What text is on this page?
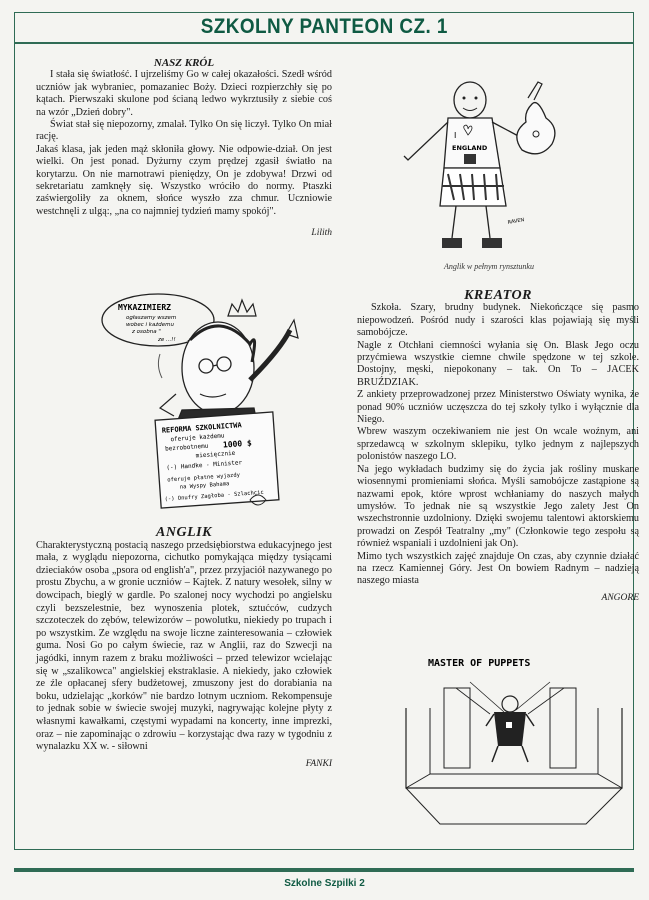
SZKOLNY PANTEON CZ. 1

NASZ KRÓL

I stała się światłość. I ujrzeliśmy Go w całej okazałości. Szedł wśród uczniów jak wybraniec, pomazaniec Boży. Dzieci rozpierzchły się po kątach. Pierwszaki skulone pod ścianą ledwo wykrztusiły z siebie coś na wzór „Dzień dobry".

Świat stał się niepozorny, zmalał. Tylko On się liczył. Tylko On miał rację.

Jakaś klasa, jak jeden mąż skłoniła głowy. Nie odpowie-dział. On jest wielki. On jest ponad. Dyżurny czym prędzej zgasił światło na korytarzu. On nie marnotrawi pieniędzy, On je zdobywa! Drzwi od sekretariatu zamknęły się. Wszystko wróciło do normy. Ptaszki zaświergoliły za oknem, słońce wyszło zza chmur. Uczniowie westchnęli z ulgą:, „na co najmniej tydzień mamy spokój".

Lilith

MYKAZIMIERZ
ogłaszamy wszem
wobec i każdemu
z osobna "
ze ...!!
REFORMA SZKOLNICTWA
oferuje każdemu
bezrobotnemu 1000 $
miesięcznie
(-) Handke - Minister
oferuje płatne wyjazdy
na Wyspy Bahama
(-) Onufry Zagłoba - Szlachcic

ANGLIK

Charakterystyczną postacią naszego przedsiębiorstwa edukacyjnego jest mała, z wyglądu niepozorna, cichutko pomykająca między tysiącami dzieciaków osoba „psora od english'a", przez przyjaciół nazywanego po prostu Zbychu, a w gronie uczniów – Kajtek. Z natury wesołek, silny w dowcipach, bieglý w gardle. Po szalonej nocy wychodzi po angielsku czyli bezszelestnie, bez wynoszenia plotek, sztućców, cudzych szczoteczek do zębów, telewizorów – powolutku, niekiedy po trupach i po wszystkim. Ze względu na swoje liczne zainteresowania – człowiek guma. Nosi Go po całym świecie, raz w Anglii, raz do Szwecji na jagódki, innym razem z braku możliwości – przed telewizor wcielając się w „szalikowca" angielskiej ekstraklasie. A niekiedy, jako człowiek ze źle opłacanej sfery budżetowej, zmuszony jest do dorabiania na boku, udzielając „korków" nie bardzo lotnym uczniom. Rekompensuje to jednak sobie w świecie swojej muzyki, nagrywając kolejne płyty z własnymi kawałkami, częstymi wypadami na koncerty, inne imprezki, oraz – nie zapominając o zdrowiu – korzystając dwa razy w tygodniu z wynalazku XX w. - siłowni

FANKI

I
ENGLAND
RAVEN
Anglik w pełnym rynsztunku

KREATOR

Szkoła. Szary, brudny budynek. Niekończące się pasmo niepowodzeń. Pośród nudy i szarości klas pojawiają się myśli samobójcze.

Nagle z Otchłani ciemności wyłania się On. Blask Jego oczu przyćmiewa wszystkie ciemne chwile spędzone w tej szkole. Dostojny, męski, niepokonany – tak. On To – JACEK BRUŹDZIAK.

Z ankiety przeprowadzonej przez Ministerstwo Oświaty wynika, że ponad 90% uczniów uczęszcza do tej szkoły tylko i wyłącznie dla Niego.

Wbrew waszym oczekiwaniem nie jest On wcale woźnym, ani sprzedawcą w szkolnym sklepiku, tylko jednym z najlepszych polonistów naszego LO.

Na jego wykładach budzimy się do życia jak rośliny muskane wiosennymi promieniami słońca. Myśli samobójcze zastąpione są nazwami epok, które wprost wchłaniamy do naszych małych umysłów. To jednak nie są wszystkie Jego zalety Jest On wszechstronnie uzdolniony. Dzięki swojemu talentowi aktorskiemu prowadzi on Zespół Teatralny „my" (Członkowie tego zespołu są również wspaniali i uzdolnieni jak On).

Mimo tych wszystkich zajęć znajduje On czas, aby czynnie działać na rzecz Kamiennej Góry. Jest On bowiem Radnym – nadzieją naszego miasta

ANGORE

MASTER OF PUPPETS
Szkolne Szpilki 2
